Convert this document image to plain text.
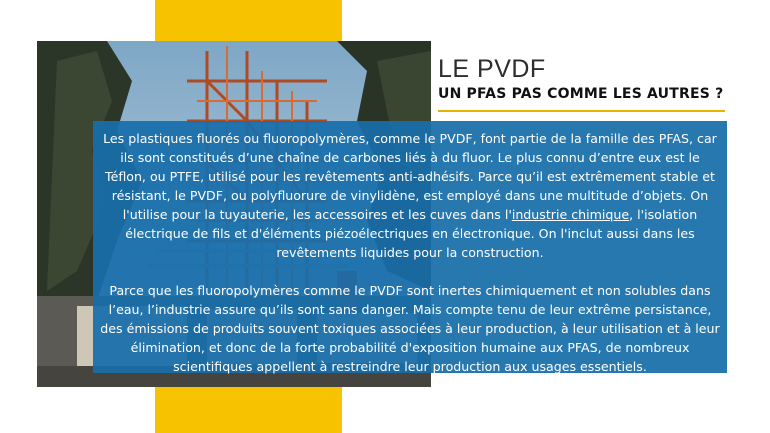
LE PVDF
UN PFAS PAS COMME LES AUTRES ?

Les plastiques fluorés ou fluoropolymères, comme le PVDF, font partie de la famille des PFAS, car ils sont constitués d’une chaîne de carbones liés à du fluor. Le plus connu d’entre eux est le Téflon, ou PTFE, utilisé pour les revêtements anti-adhésifs. Parce qu’il est extrêmement stable et résistant, le PVDF, ou polyfluorure de vinylidène, est employé dans une multitude d’objets. On l'utilise pour la tuyauterie, les accessoires et les cuves dans l'industrie chimique, l'isolation électrique de fils et d'éléments piézoélectriques en électronique. On l'inclut aussi dans les revêtements liquides pour la construction.

Parce que les fluoropolymères comme le PVDF sont inertes chimiquement et non solubles dans l’eau, l’industrie assure qu’ils sont sans danger. Mais compte tenu de leur extrême persistance, des émissions de produits souvent toxiques associées à leur production, à leur utilisation et à leur élimination, et donc de la forte probabilité d'exposition humaine aux PFAS, de nombreux scientifiques appellent à restreindre leur production aux usages essentiels.
